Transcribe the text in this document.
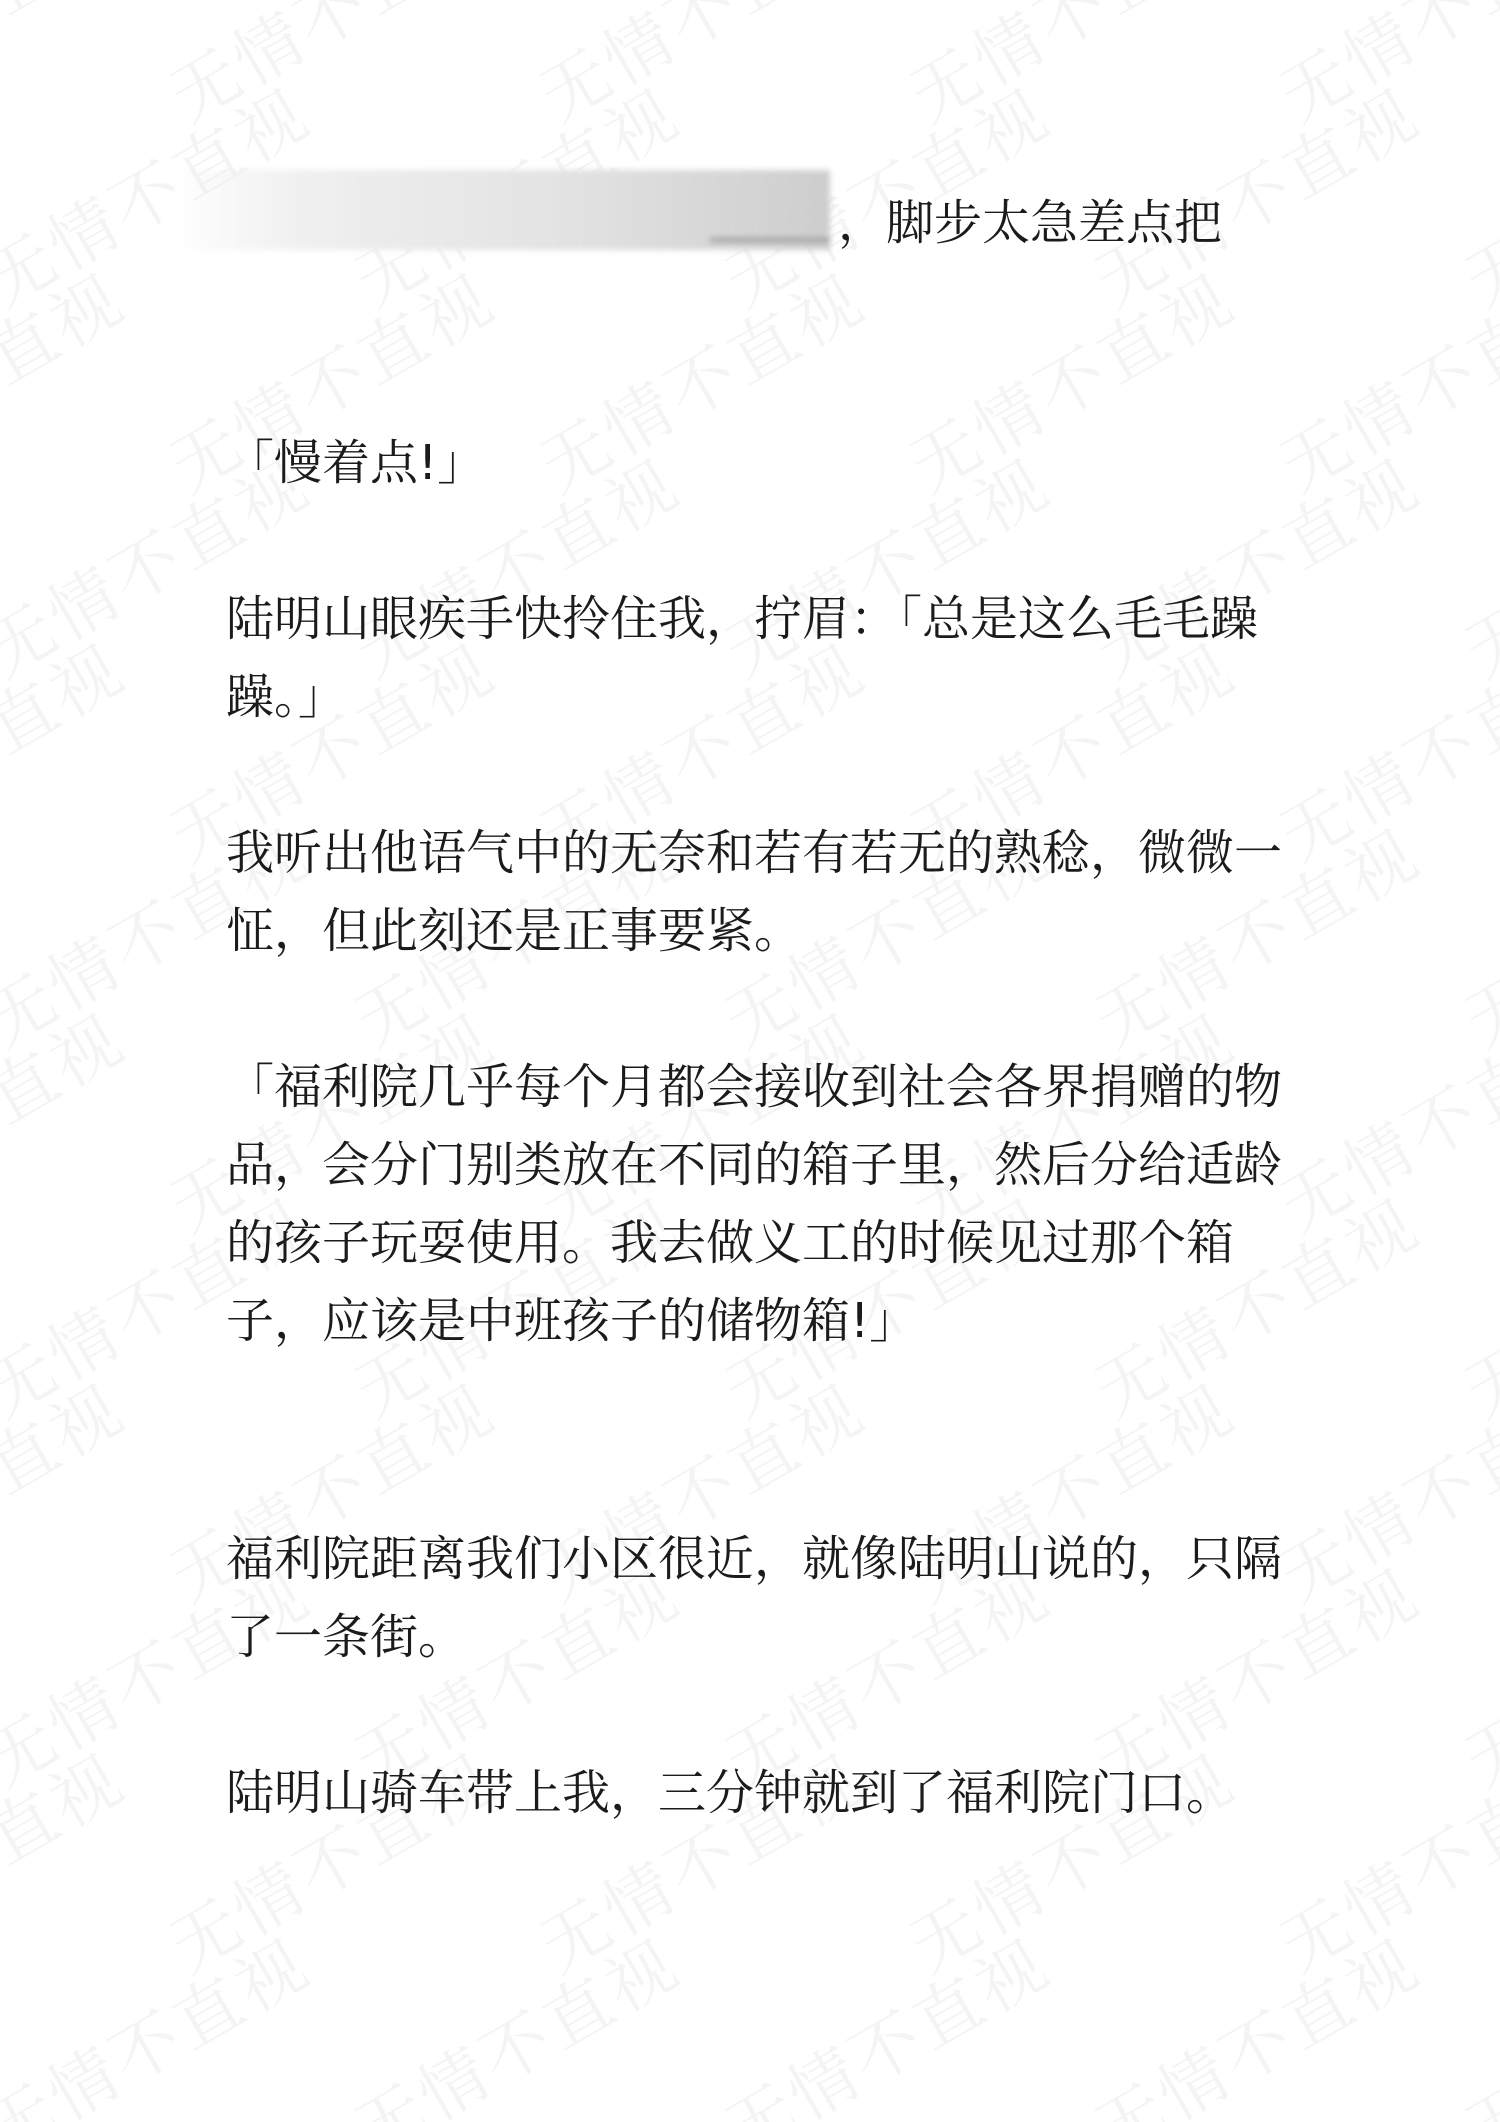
，脚步太急差点把

「慢着点!」

陆明山眼疾手快拎住我，拧眉：「总是这么毛毛躁躁。」

我听出他语气中的无奈和若有若无的熟稔，微微一怔，但此刻还是正事要紧。

「福利院几乎每个月都会接收到社会各界捐赠的物品，会分门别类放在不同的箱子里，然后分给适龄的孩子玩耍使用。我去做义工的时候见过那个箱子，应该是中班孩子的储物箱!」

福利院距离我们小区很近，就像陆明山说的，只隔了一条街。

陆明山骑车带上我，三分钟就到了福利院门口。
